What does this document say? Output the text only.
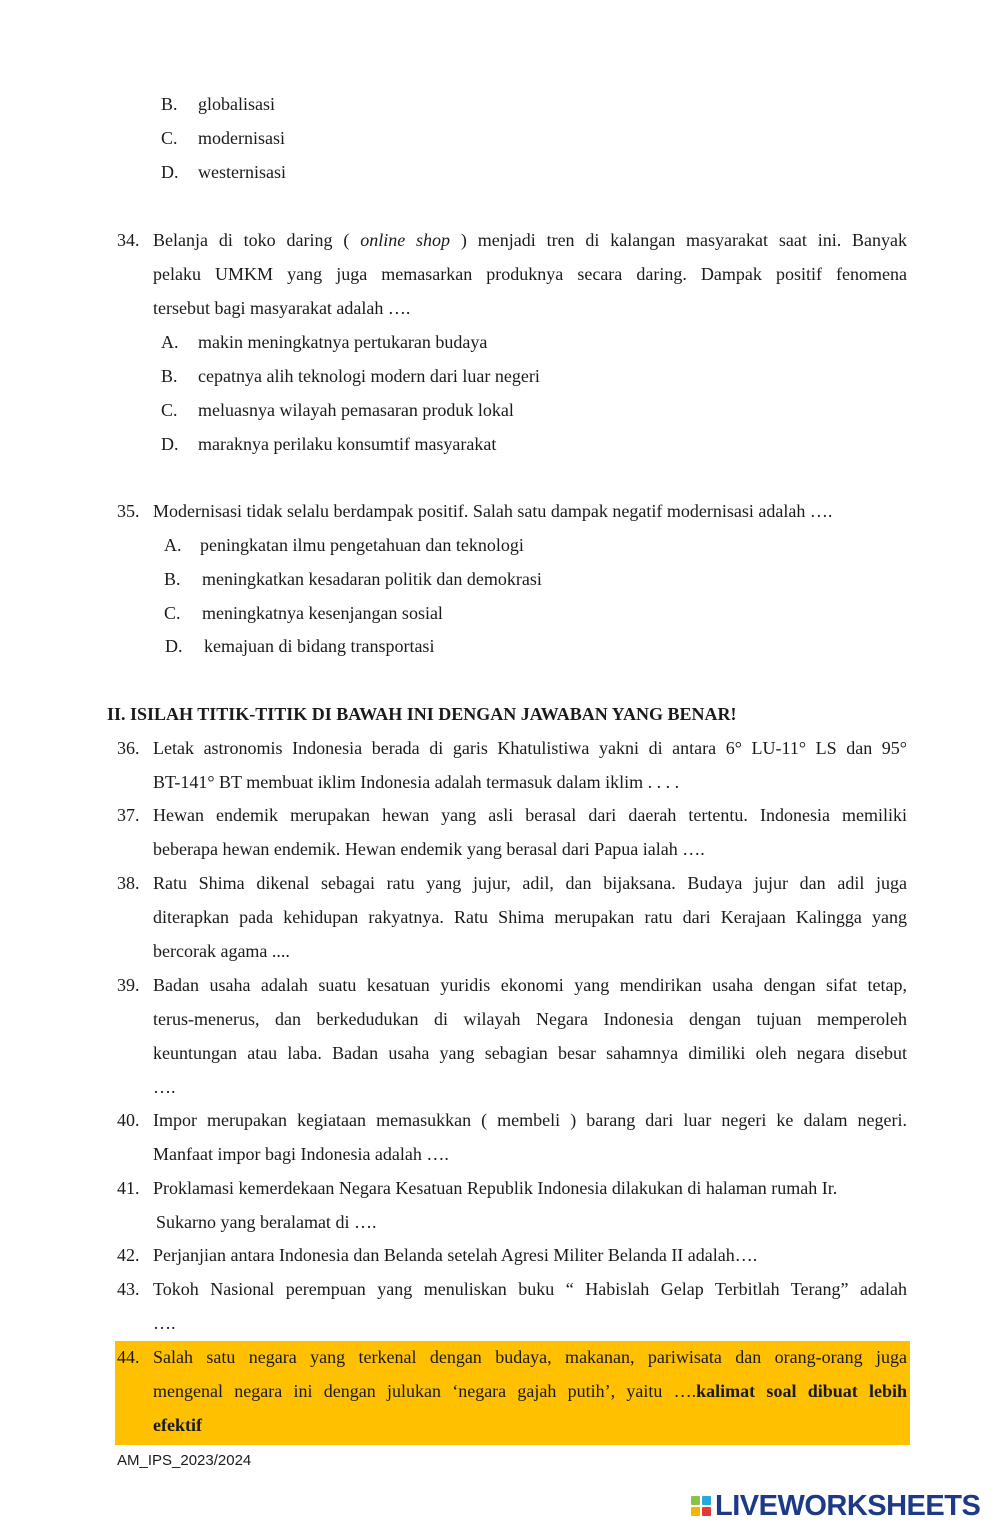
B. globalisasi
C. modernisasi
D. westernisasi
34. Belanja di toko daring ( online shop ) menjadi tren di kalangan masyarakat saat ini. Banyak
pelaku UMKM yang juga memasarkan produknya secara daring. Dampak positif fenomena
tersebut bagi masyarakat adalah ….
A. makin meningkatnya pertukaran budaya
B. cepatnya alih teknologi modern dari luar negeri
C. meluasnya wilayah pemasaran produk lokal
D. maraknya perilaku konsumtif masyarakat
35. Modernisasi tidak selalu berdampak positif. Salah satu dampak negatif modernisasi adalah ….
A. peningkatan ilmu pengetahuan dan teknologi
B. meningkatkan kesadaran politik dan demokrasi
C. meningkatnya kesenjangan sosial
D. kemajuan di bidang transportasi
II. ISILAH TITIK-TITIK DI BAWAH INI DENGAN JAWABAN YANG BENAR!
36. Letak astronomis Indonesia berada di garis Khatulistiwa yakni di antara 6° LU-11° LS dan 95°
BT-141° BT membuat iklim Indonesia adalah termasuk dalam iklim . . . .
37. Hewan endemik merupakan hewan yang asli berasal dari daerah tertentu. Indonesia memiliki
beberapa hewan endemik. Hewan endemik yang berasal dari Papua ialah ….
38. Ratu Shima dikenal sebagai ratu yang jujur, adil, dan bijaksana. Budaya jujur dan adil juga
diterapkan pada kehidupan rakyatnya. Ratu Shima merupakan ratu dari Kerajaan Kalingga yang
bercorak agama ....
39. Badan usaha adalah suatu kesatuan yuridis ekonomi yang mendirikan usaha dengan sifat tetap,
terus-menerus, dan berkedudukan di wilayah Negara Indonesia dengan tujuan memperoleh
keuntungan atau laba. Badan usaha yang sebagian besar sahamnya dimiliki oleh negara disebut
….
40. Impor merupakan kegiataan memasukkan ( membeli ) barang dari luar negeri ke dalam negeri.
Manfaat impor bagi Indonesia adalah ….
41. Proklamasi kemerdekaan Negara Kesatuan Republik Indonesia dilakukan di halaman rumah Ir.
Sukarno yang beralamat di ….
42. Perjanjian antara Indonesia dan Belanda setelah Agresi Militer Belanda II adalah….
43. Tokoh Nasional perempuan yang menuliskan buku “ Habislah Gelap Terbitlah Terang” adalah
….
44. Salah satu negara yang terkenal dengan budaya, makanan, pariwisata dan orang-orang juga
mengenal negara ini dengan julukan ‘negara gajah putih’, yaitu ….kalimat soal dibuat lebih
efektif
AM_IPS_2023/2024
LIVEWORKSHEETS
